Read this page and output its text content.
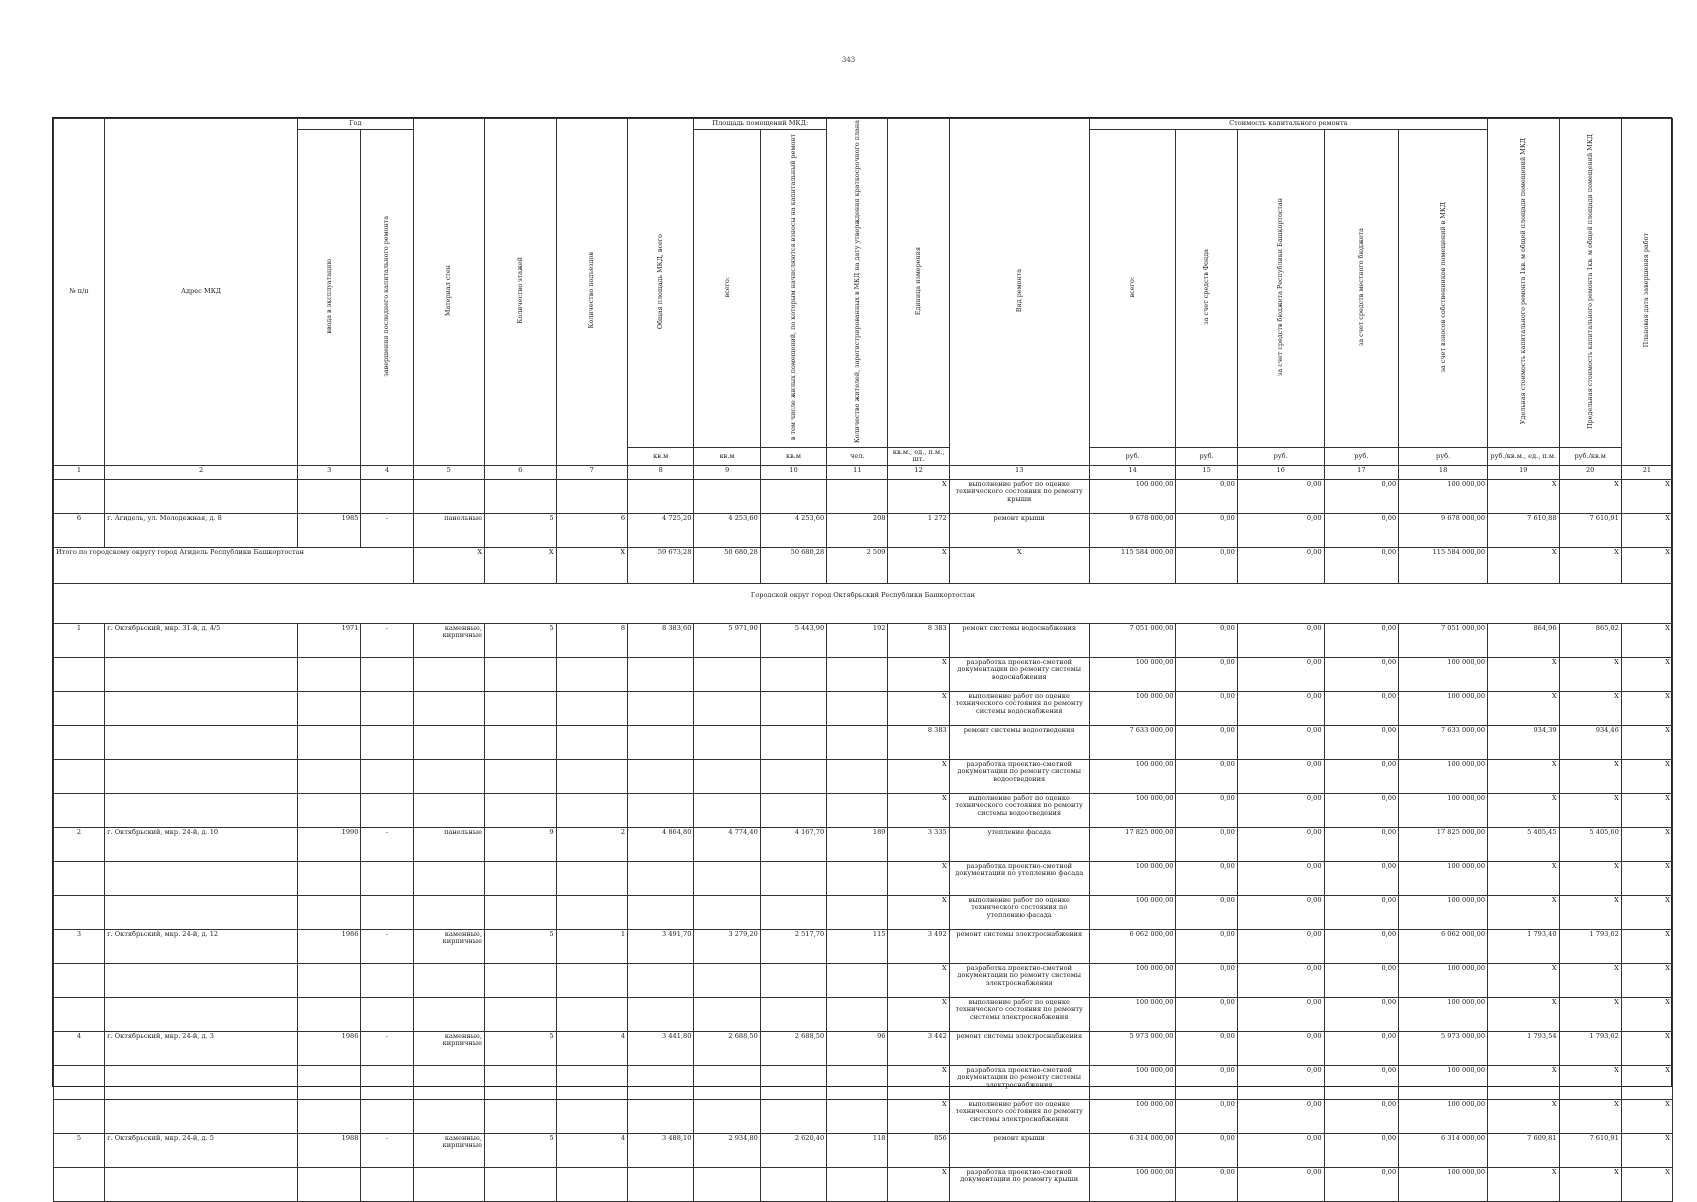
343
№ п/п	Адрес МКД	Год		Материал стен	Количество этажей	Количество подъездов	Общая площадь МКД, всего	Площадь помещений МКД:		Количество жителей, зарегистрированных в МКД на дату утверждения краткосрочного плана	Единица измерения	Вид ремонта	Стоимость капитального ремонта					Удельная стоимость капитального ремонта 1кв. м общей площади помещений МКД	Предельная стоимость капитального ремонта 1кв. м общей площади помещений МКД	Плановая дата завершения работ
		ввода в эксплуатацию	завершения последнего капитального ремонта					всего:	в том числе жилых помещений, по которым начисляются взносы на капитальный ремонт				всего:	за счет средств Фонда	за счет средств бюджета Республики Башкортостан	за счет средств местного бюджета	за счет взносов собственников помещений в МКД			
							кв.м	кв.м	кв.м	чел.	кв.м., ед., п.м., шт.		руб.	руб.	руб.	руб.	руб.	руб./кв.м., ед., п.м.	руб./кв.м	
1	2	3	4	5	6	7	8	9	10	11	12	13	14	15	16	17	18	19	20	21
											X	выполнение работ по оценке технического состояния по ремонту крыши	100 000,00	0,00	0,00	0,00	100 000,00	X	X	X
6	г. Агидель, ул. Молодежная, д. 8	1985	-	панельные	5	6	4 725,20	4 253,60	4 253,60	208	1 272	ремонт крыши	9 678 000,00	0,00	0,00	0,00	9 678 000,00	7 610,88	7 610,91	X
Итого по городскому округу город Агидель Республики Башкортостан				X	X	X	59 673,28	50 680,28	50 680,28	2 509	X	X	115 584 000,00	0,00	0,00	0,00	115 584 000,00	X	X	X
Городской округ город Октябрьский Республики Башкортостан																				
1	г. Октябрьский, мкр. 31-й, д. 4/5	1971	-	каменные, кирпичные	5	8	8 383,60	5 971,90	5 443,90	192	8 383	ремонт системы водоснабжения	7 051 000,00	0,00	0,00	0,00	7 051 000,00	864,96	865,02	X
											X	разработка проектно-сметной документации по ремонту системы водоснабжения	100 000,00	0,00	0,00	0,00	100 000,00	X	X	X
											X	выполнение работ по оценке технического состояния по ремонту системы водоснабжения	100 000,00	0,00	0,00	0,00	100 000,00	X	X	X
											8 383	ремонт системы водоотведения	7 633 000,00	0,00	0,00	0,00	7 633 000,00	934,39	934,46	X
											X	разработка проектно-сметной документации по ремонту системы водоотведения	100 000,00	0,00	0,00	0,00	100 000,00	X	X	X
											X	выполнение работ по оценке технического состояния по ремонту системы водоотведения	100 000,00	0,00	0,00	0,00	100 000,00	X	X	X
2	г. Октябрьский, мкр. 24-й, д. 10	1990	-	панельные	9	2	4 864,80	4 774,40	4 167,70	189	3 335	утепление фасада	17 825 000,00	0,00	0,00	0,00	17 825 000,00	5 405,45	5 405,60	X
											X	разработка проектно-сметной документации по утеплению фасада	100 000,00	0,00	0,00	0,00	100 000,00	X	X	X
											X	выполнение работ по оценке технического состояния по утеплению фасада	100 000,00	0,00	0,00	0,00	100 000,00	X	X	X
3	г. Октябрьский, мкр. 24-й, д. 12	1986	-	каменные, кирпичные	5	1	3 491,70	3 279,20	2 517,70	115	3 492	ремонт системы электроснабжения	6 062 000,00	0,00	0,00	0,00	6 062 000,00	1 793,40	1 793,62	X
											X	разработка проектно-сметной документации по ремонту системы электроснабжения	100 000,00	0,00	0,00	0,00	100 000,00	X	X	X
											X	выполнение работ по оценке технического состояния по ремонту системы электроснабжения	100 000,00	0,00	0,00	0,00	100 000,00	X	X	X
4	г. Октябрьский, мкр. 24-й, д. 3	1986	-	каменные, кирпичные	5	4	3 441,80	2 688,50	2 688,50	96	3 442	ремонт системы электроснабжения	5 973 000,00	0,00	0,00	0,00	5 973 000,00	1 793,54	1 793,62	X
											X	разработка проектно-сметной документации по ремонту системы электроснабжения	100 000,00	0,00	0,00	0,00	100 000,00	X	X	X
											X	выполнение работ по оценке технического состояния по ремонту системы электроснабжения	100 000,00	0,00	0,00	0,00	100 000,00	X	X	X
5	г. Октябрьский, мкр. 24-й, д. 5	1988	-	каменные, кирпичные	5	4	3 488,10	2 934,80	2 620,40	118	856	ремонт крыши	6 314 000,00	0,00	0,00	0,00	6 314 000,00	7 609,81	7 610,91	X
											X	разработка проектно-сметной документации по ремонту крыши	100 000,00	0,00	0,00	0,00	100 000,00	X	X	X
